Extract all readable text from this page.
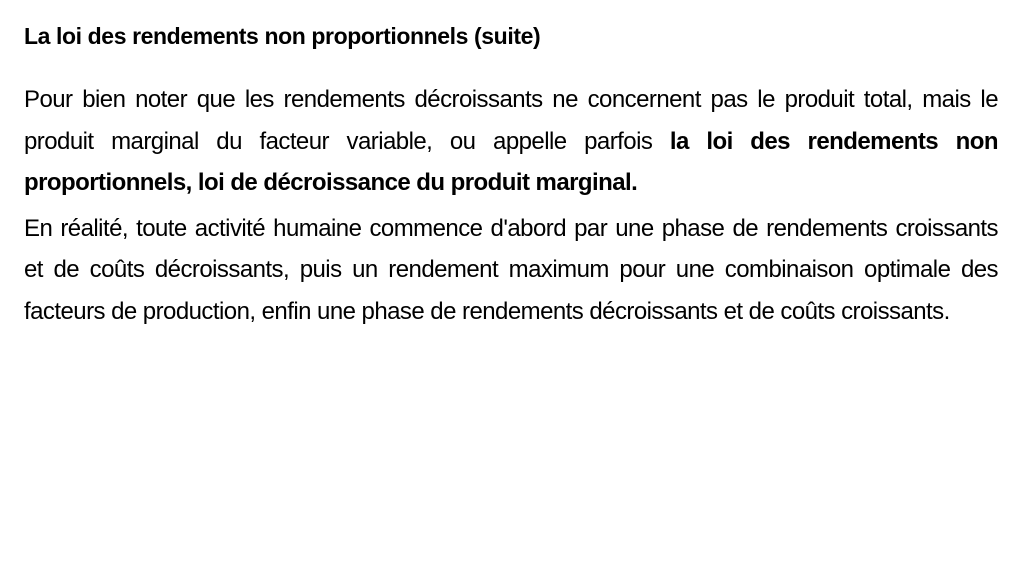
La loi des rendements non proportionnels (suite)

Pour bien noter que les rendements décroissants ne concernent pas le produit total, mais le produit marginal du facteur variable, ou appelle parfois la loi des rendements non proportionnels, loi de décroissance du produit marginal.

En réalité, toute activité humaine commence d'abord par une phase de rendements croissants et de coûts décroissants, puis un rendement maximum pour une combinaison optimale des facteurs de production, enfin une phase de rendements décroissants et de coûts croissants.
